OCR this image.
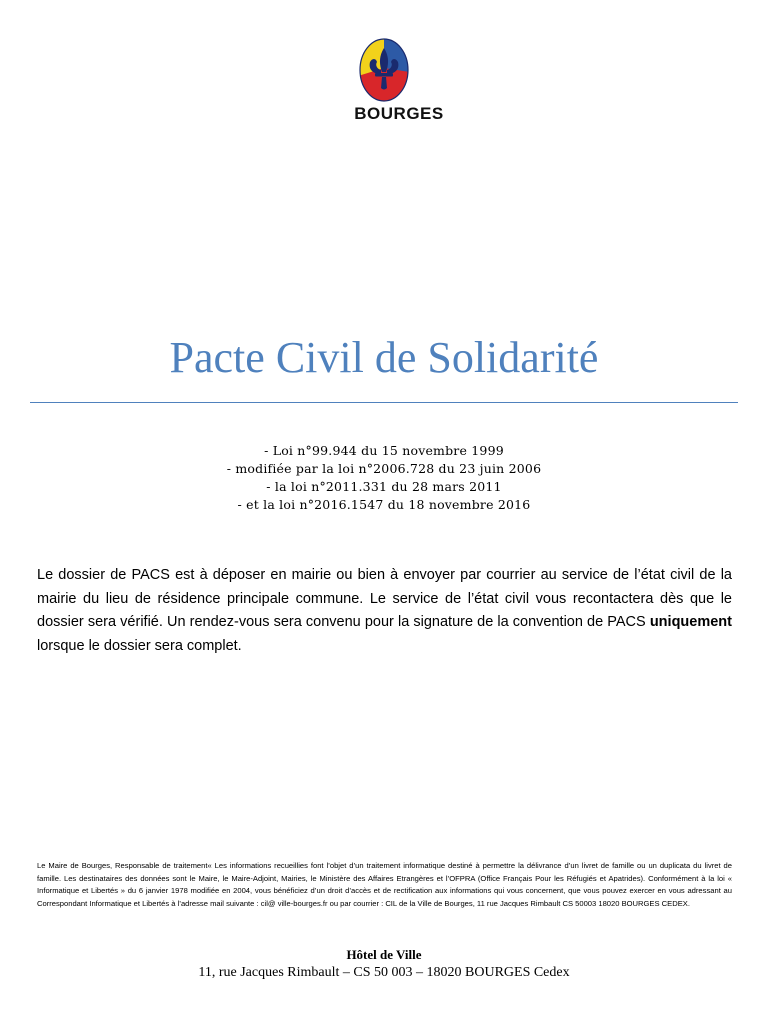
BOURGES
Pacte Civil de Solidarité
- Loi n°99.944 du 15 novembre 1999
- modifiée par la loi n°2006.728 du 23 juin 2006
- la loi n°2011.331 du 28 mars 2011
- et la loi n°2016.1547 du 18 novembre 2016

Le dossier de PACS est à déposer en mairie ou bien à envoyer par courrier au service de l’état civil de la mairie du lieu de résidence principale commune. Le service de l’état civil vous recontactera dès que le dossier sera vérifié. Un rendez-vous sera convenu pour la signature de la convention de PACS uniquement lorsque le dossier sera complet.

Le Maire de Bourges, Responsable de traitement« Les informations recueillies font l’objet d’un traitement informatique destiné à permettre la délivrance d’un livret de famille ou un duplicata du livret de famille. Les destinataires des données sont le Maire, le Maire-Adjoint, Mairies, le Ministère des Affaires Etrangères et l’OFPRA (Office Français Pour les Réfugiés et Apatrides). Conformément à la loi « Informatique et Libertés » du 6 janvier 1978 modifiée en 2004, vous bénéficiez d’un droit d’accès et de rectification aux informations qui vous concernent, que vous pouvez exercer en vous adressant au Correspondant Informatique et Libertés à l’adresse mail suivante : cil@ ville-bourges.fr ou par courrier : CIL de la Ville de Bourges, 11 rue Jacques Rimbault CS 50003 18020 BOURGES CEDEX.

Hôtel de Ville
11, rue Jacques Rimbault – CS 50 003 – 18020 BOURGES Cedex
